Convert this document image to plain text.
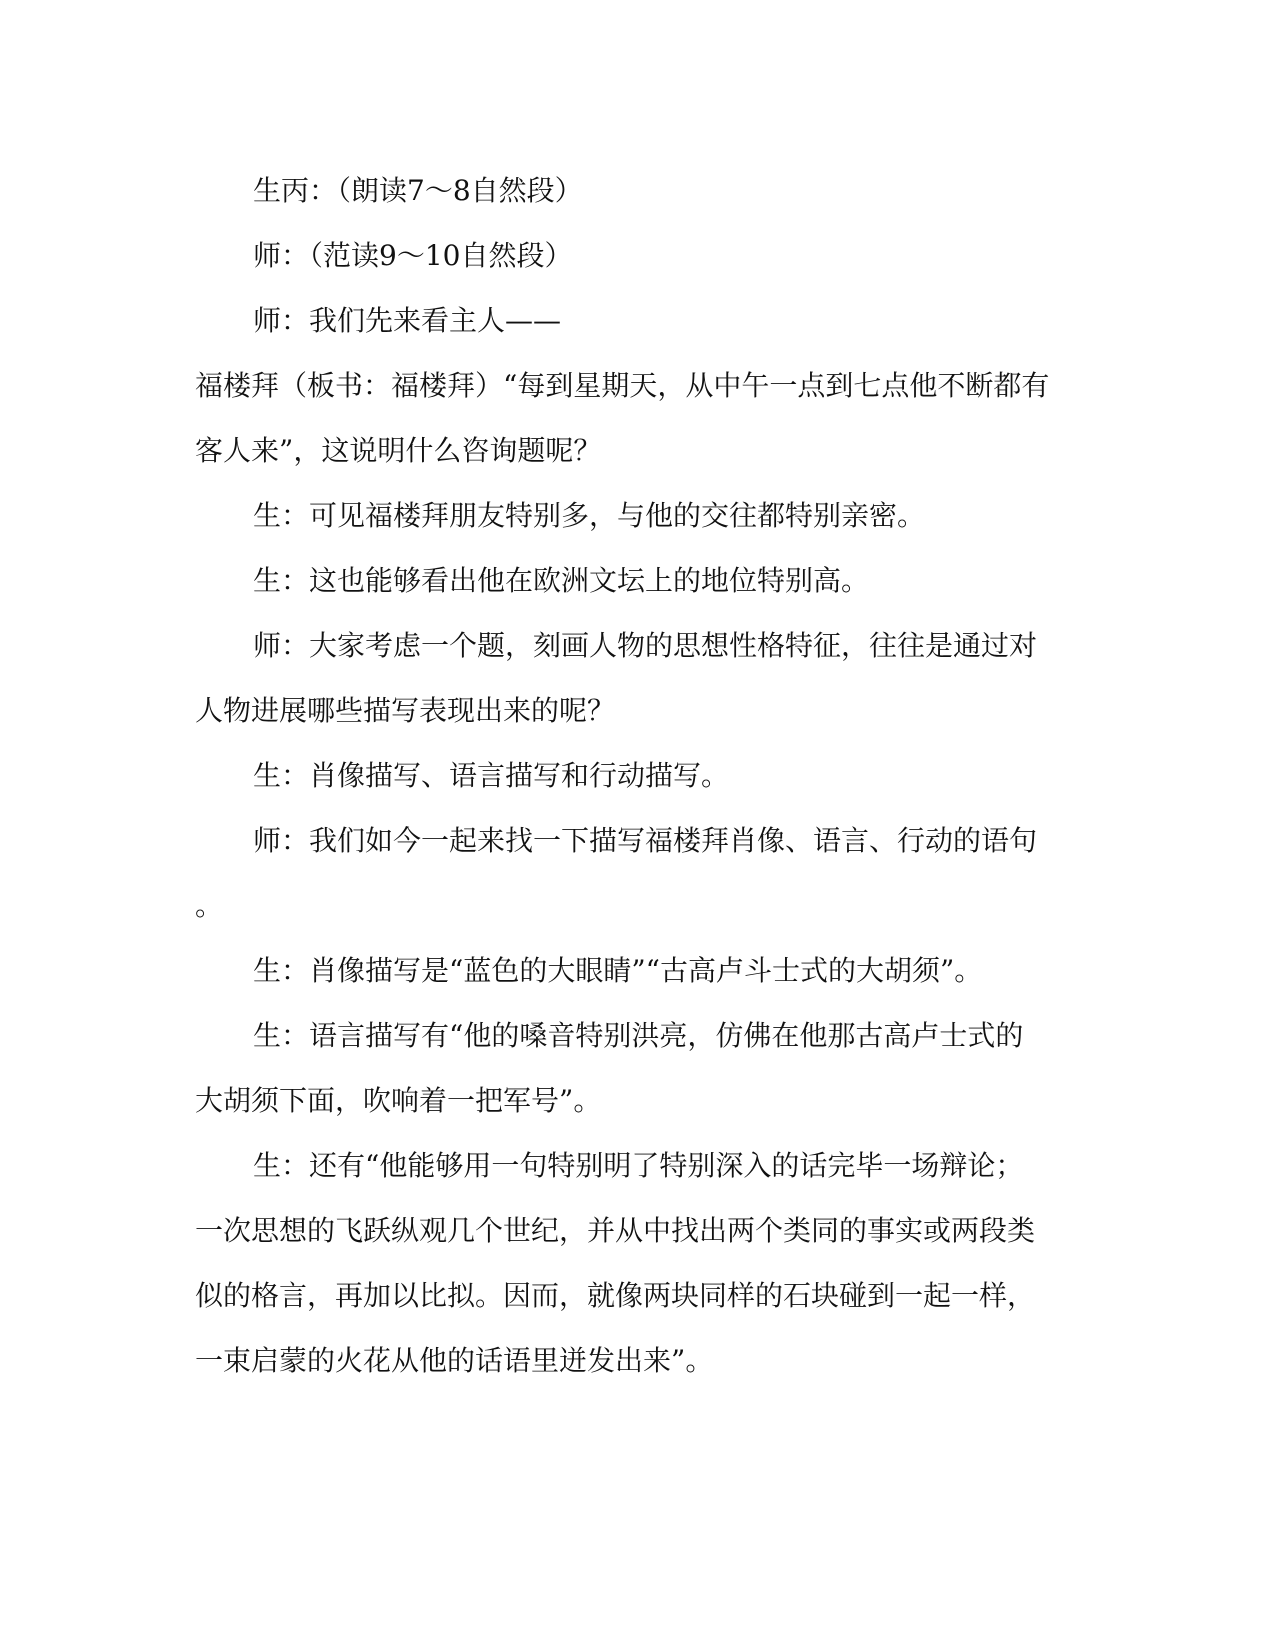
生丙：（朗读7～8自然段）

师：（范读9～10自然段）

师：我们先来看主人——

福楼拜（板书：福楼拜）“每到星期天，从中午一点到七点他不断都有

客人来”，这说明什么咨询题呢？

生：可见福楼拜朋友特别多，与他的交往都特别亲密。

生：这也能够看出他在欧洲文坛上的地位特别高。

师：大家考虑一个题，刻画人物的思想性格特征，往往是通过对

人物进展哪些描写表现出来的呢？

生：肖像描写、语言描写和行动描写。

师：我们如今一起来找一下描写福楼拜肖像、语言、行动的语句

。

生：肖像描写是“蓝色的大眼睛”“古高卢斗士式的大胡须”。

生：语言描写有“他的嗓音特别洪亮，仿佛在他那古高卢士式的

大胡须下面，吹响着一把军号”。

生：还有“他能够用一句特别明了特别深入的话完毕一场辩论；

一次思想的飞跃纵观几个世纪，并从中找出两个类同的事实或两段类

似的格言，再加以比拟。因而，就像两块同样的石块碰到一起一样，

一束启蒙的火花从他的话语里迸发出来”。
